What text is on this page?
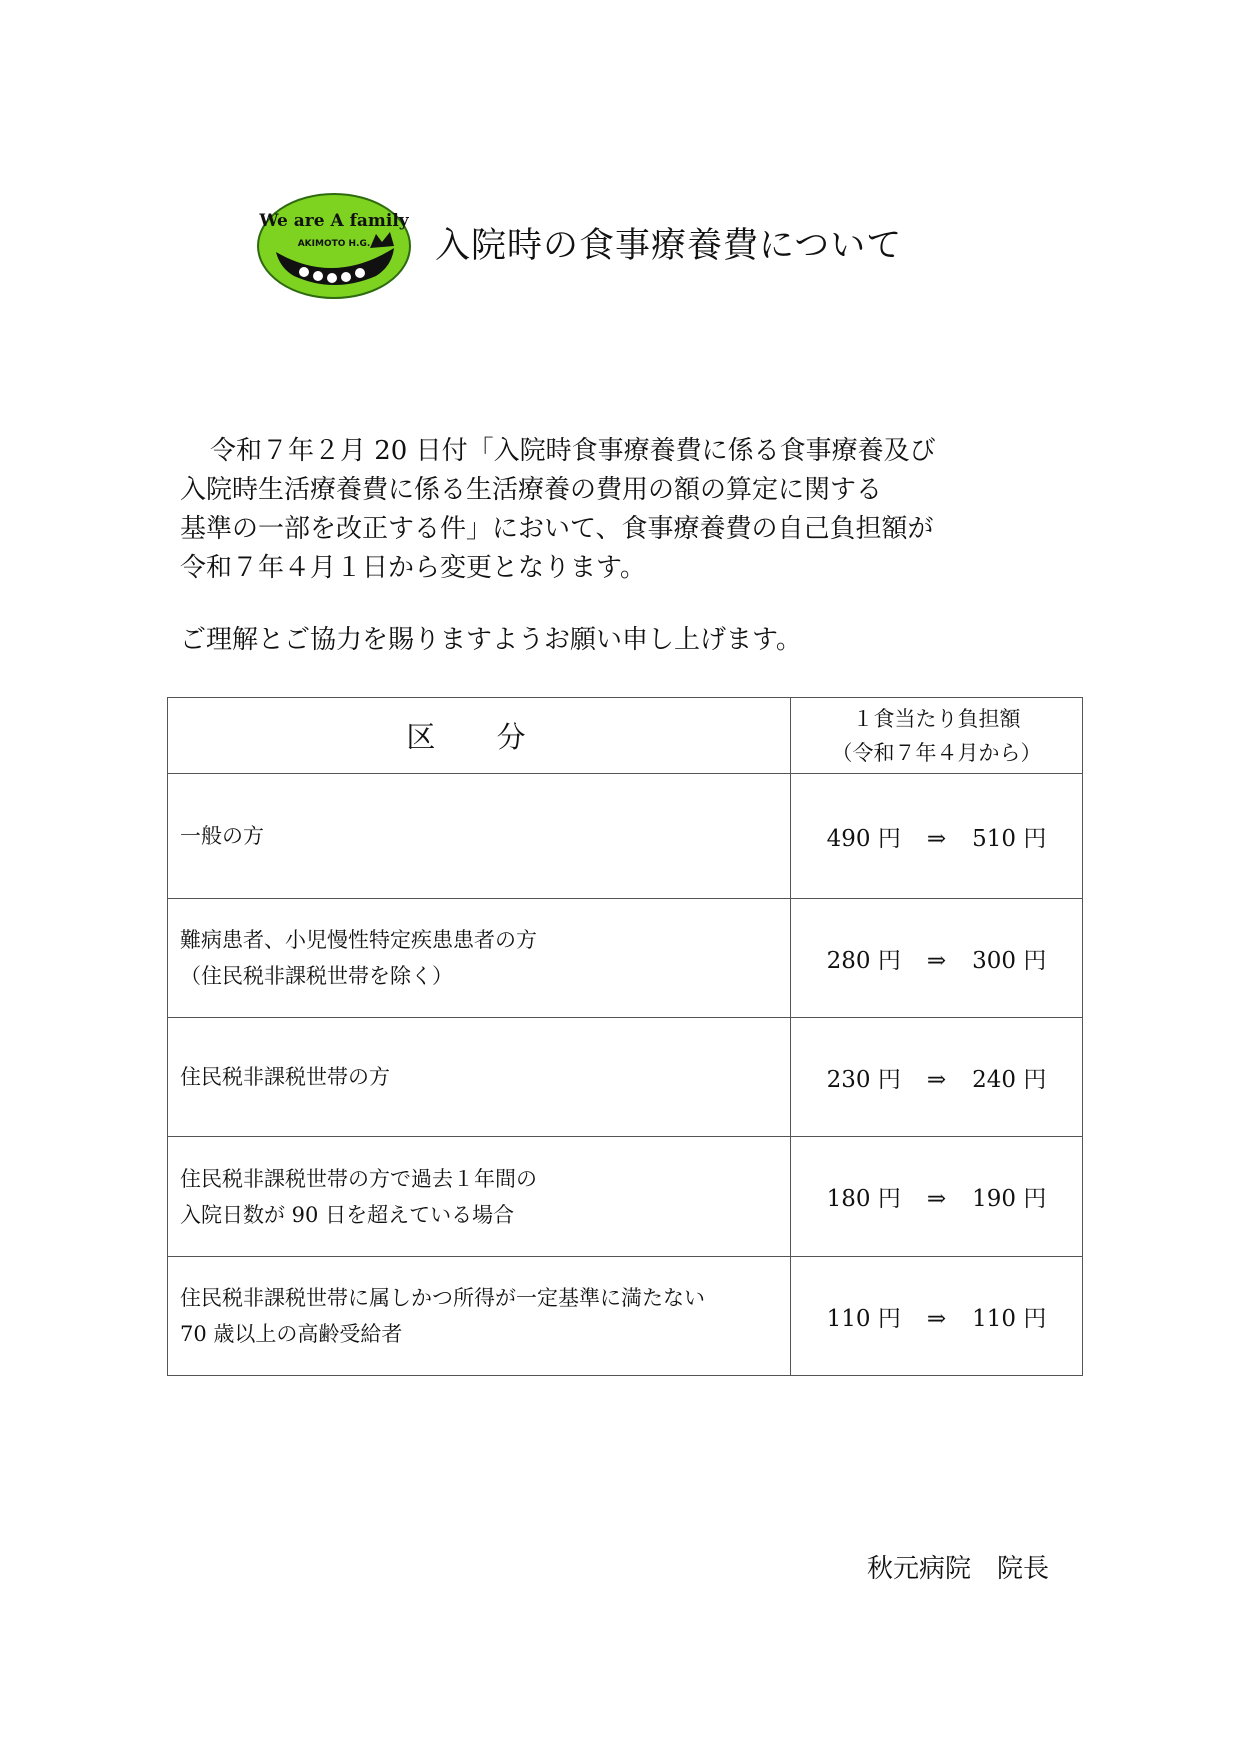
We are A family
AKIMOTO H.G. 入院時の食事療養費について

令和７年２月 20 日付「入院時食事療養費に係る食事療養及び

入院時生活療養費に係る生活療養の費用の額の算定に関する

基準の一部を改正する件」において、食事療養費の自己負担額が

令和７年４月１日から変更となります。

ご理解とご協力を賜りますようお願い申し上げます。
区 分	１食当たり負担額
（令和７年４月から）

一般の方	490 円 ⇒ 510 円

難病患者、小児慢性特定疾患患者の方
（住民税非課税世帯を除く）	280 円 ⇒ 300 円

住民税非課税世帯の方	230 円 ⇒ 240 円

住民税非課税世帯の方で過去１年間の
入院日数が 90 日を超えている場合	180 円 ⇒ 190 円

住民税非課税世帯に属しかつ所得が一定基準に満たない
70 歳以上の高齢受給者	110 円 ⇒ 110 円
秋元病院　院長
